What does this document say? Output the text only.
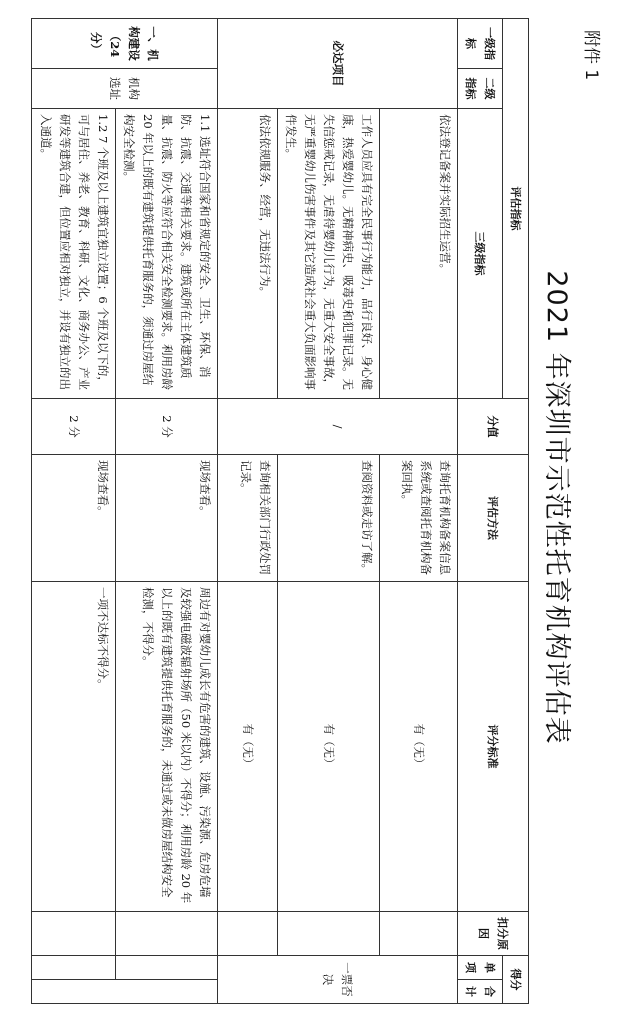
附件 1
2021 年深圳市示范性托育机构评估表
评估指标			分值	评估方法	评分标准	扣分原因	得分	
一级指标	二级指标	三级指标					单项	合计
必达项目		依法登记备案并实际招生运营。	/	查询托育机构备案信息系统或查阅托育机构备案回执。	有（无）		一票否决	
		工作人员应具有完全民事行为能力，品行良好、身心健康，热爱婴幼儿。无精神病史、吸毒史和犯罪记录。无失信惩戒记录，无虐待婴幼儿行为，无重大安全事故，无严重婴幼儿伤害事件及其它造成社会重大负面影响事件发生。		查阅资料或走访了解。	有（无）			
		依法依规服务、经营，无违法行为。		查询相关部门行政处罚记录。	有（无）			
一、机构建设（24 分）	机构选址	1.1 选址符合国家和省规定的安全、卫生、环保、消防、抗震、交通等相关要求。建筑或所在主体建筑质量、抗震、防火等应符合相关安全检测要求。利用房龄 20 年以上的既有建筑提供托育服务的，须通过房屋结构安全检测。	2 分	现场查看。	周边有对婴幼儿成长有危害的建筑、设施、污染源、危房危墙及较强电磁波辐射场所（50 米以内）不得分；利用房龄 20 年以上的既有建筑提供托育服务的，未通过或未做房屋结构安全检测，不得分。			
		1.2 7 个班及以上建筑宜独立设置；6 个班及以下的，可与居住、养老、教育、科研、文化、商务办公、产业研发等建筑合建，但位置应相对独立，并设有独立的出入通道。	2 分	现场查看。	一项不达标不得分。			
